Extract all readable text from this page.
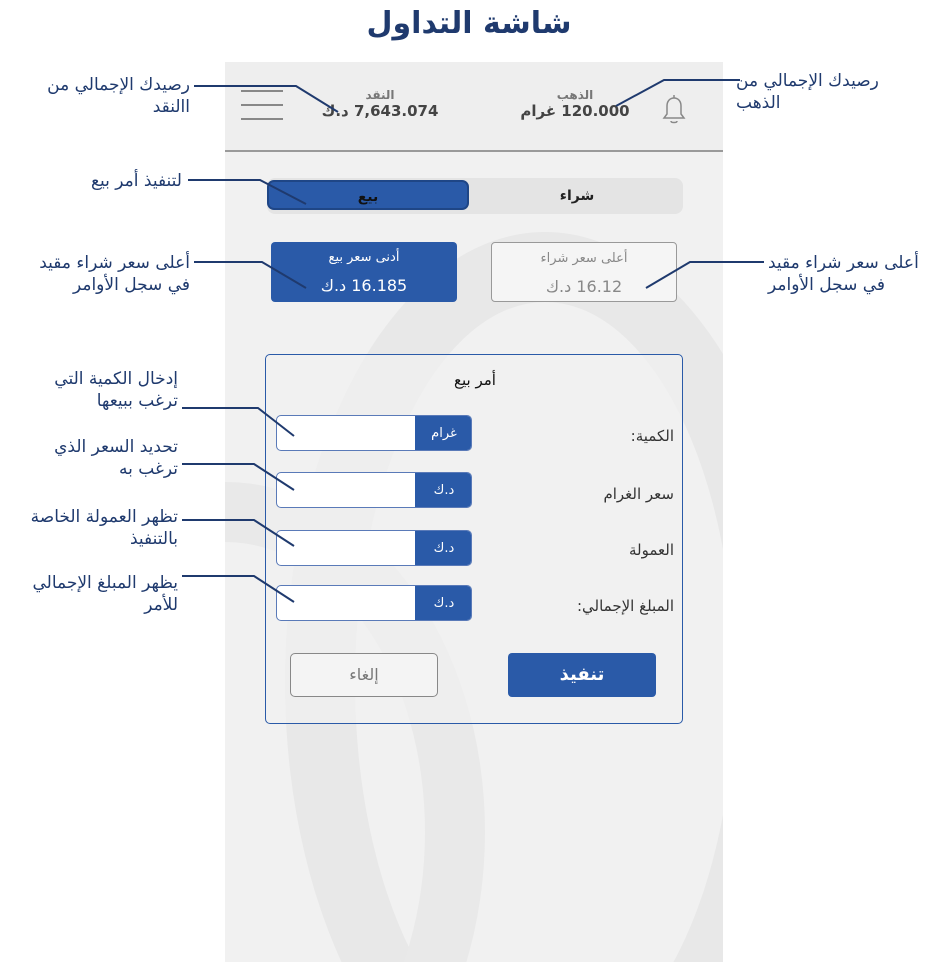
شاشة التداول
النقد
7,643.074 د.ك
الذهب
120.000 غرام
بيع	شراء
أدنى سعر بيع
16.185 د.ك
أعلى سعر شراء
16.12 د.ك
أمر بيع
الكمية:
غرام
سعر الغرام
د.ك
العمولة
د.ك
المبلغ الإجمالي:
د.ك
تنفيذ
إلغاء
رصيدك الإجمالي من االنقد
رصيدك الإجمالي من الذهب
لتنفيذ أمر بيع
أعلى سعر شراء مقيد في سجل الأوامر
أعلى سعر شراء مقيد في سجل الأوامر
إدخال الكمية التي ترغب ببيعها
تحديد السعر الذي ترغب به
تظهر العمولة الخاصة بالتنفيذ
يظهر المبلغ الإجمالي للأمر
